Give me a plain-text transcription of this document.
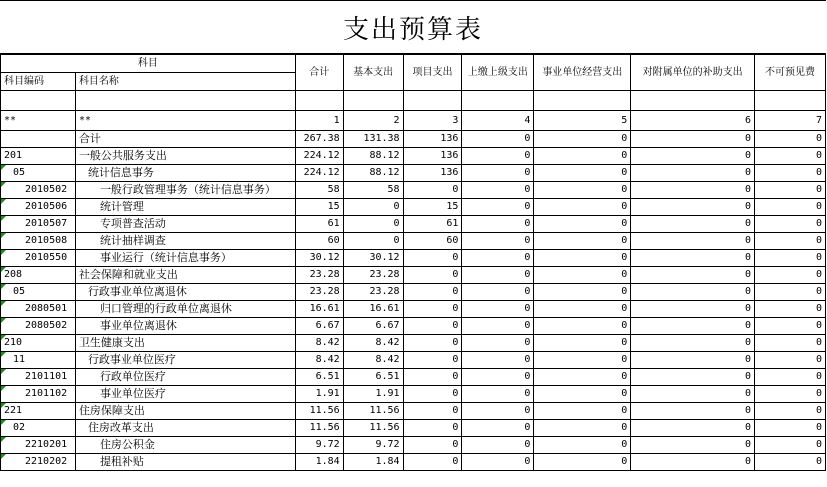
支出预算表
科目		合计	基本支出	项目支出	上缴上级支出	事业单位经营支出	对附属单位的补助支出	不可预见费
科目编码	科目名称							

**	**	1	2	3	4	5	6	7
	合计	267.38	131.38	136	0	0	0	0
201	一般公共服务支出	224.12	88.12	136	0	0	0	0

05	统计信息事务	224.12	88.12	136	0	0	0	0

2010502	一般行政管理事务（统计信息事务）	58	58	0	0	0	0	0

2010506	统计管理	15	0	15	0	0	0	0

2010507	专项普查活动	61	0	61	0	0	0	0

2010508	统计抽样调查	60	0	60	0	0	0	0

2010550	事业运行（统计信息事务）	30.12	30.12	0	0	0	0	0

208	社会保障和就业支出	23.28	23.28	0	0	0	0	0

05	行政事业单位离退休	23.28	23.28	0	0	0	0	0

2080501	归口管理的行政单位离退休	16.61	16.61	0	0	0	0	0

2080502	事业单位离退休	6.67	6.67	0	0	0	0	0

210	卫生健康支出	8.42	8.42	0	0	0	0	0

11	行政事业单位医疗	8.42	8.42	0	0	0	0	0

2101101	行政单位医疗	6.51	6.51	0	0	0	0	0

2101102	事业单位医疗	1.91	1.91	0	0	0	0	0

221	住房保障支出	11.56	11.56	0	0	0	0	0

02	住房改革支出	11.56	11.56	0	0	0	0	0

2210201	住房公积金	9.72	9.72	0	0	0	0	0

2210202	提租补贴	1.84	1.84	0	0	0	0	0
